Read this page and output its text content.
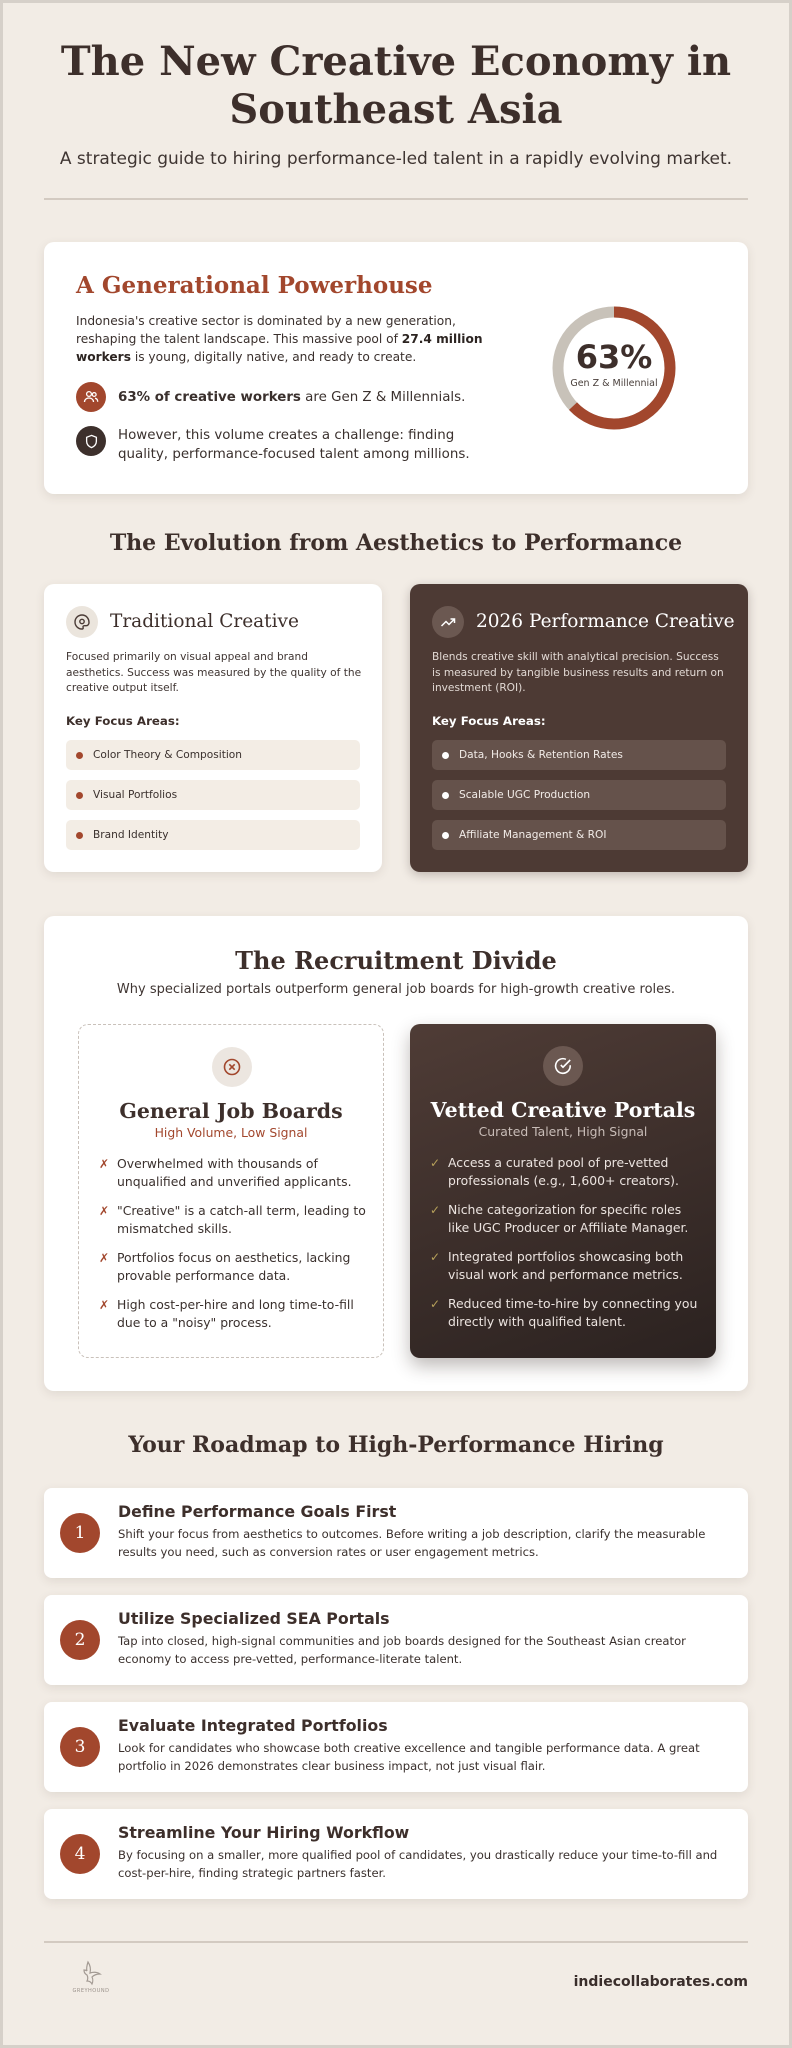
The New Creative Economy in Southeast Asia

A strategic guide to hiring performance-led talent in a rapidly evolving market.

A Generational Powerhouse
Indonesia's creative sector is dominated by a new generation, reshaping the talent landscape. This massive pool of 27.4 million workers is young, digitally native, and ready to create.
63% of creative workers are Gen Z & Millennials.
However, this volume creates a challenge: finding quality, performance-focused talent among millions.
63%
Gen Z & Millennial
The Evolution from Aesthetics to Performance
Traditional Creative
Focused primarily on visual appeal and brand aesthetics. Success was measured by the quality of the creative output itself.
Key Focus Areas:
Color Theory & Composition
Visual Portfolios
Brand Identity
2026 Performance Creative
Blends creative skill with analytical precision. Success is measured by tangible business results and return on investment (ROI).
Key Focus Areas:
Data, Hooks & Retention Rates
Scalable UGC Production
Affiliate Management & ROI
The Recruitment Divide
Why specialized portals outperform general job boards for high-growth creative roles.
General Job Boards
High Volume, Low Signal
✗ Overwhelmed with thousands of unqualified and unverified applicants.
✗ "Creative" is a catch-all term, leading to mismatched skills.
✗ Portfolios focus on aesthetics, lacking provable performance data.
✗ High cost-per-hire and long time-to-fill due to a "noisy" process.
Vetted Creative Portals
Curated Talent, High Signal
✓ Access a curated pool of pre-vetted professionals (e.g., 1,600+ creators).
✓ Niche categorization for specific roles like UGC Producer or Affiliate Manager.
✓ Integrated portfolios showcasing both visual work and performance metrics.
✓ Reduced time-to-hire by connecting you directly with qualified talent.
Your Roadmap to High-Performance Hiring
1
Define Performance Goals First
Shift your focus from aesthetics to outcomes. Before writing a job description, clarify the measurable results you need, such as conversion rates or user engagement metrics.
2
Utilize Specialized SEA Portals
Tap into closed, high-signal communities and job boards designed for the Southeast Asian creator economy to access pre-vetted, performance-literate talent.
3
Evaluate Integrated Portfolios
Look for candidates who showcase both creative excellence and tangible performance data. A great portfolio in 2026 demonstrates clear business impact, not just visual flair.
4
Streamline Your Hiring Workflow
By focusing on a smaller, more qualified pool of candidates, you drastically reduce your time-to-fill and cost-per-hire, finding strategic partners faster.
GREYHOUND
indiecollaborates.com
